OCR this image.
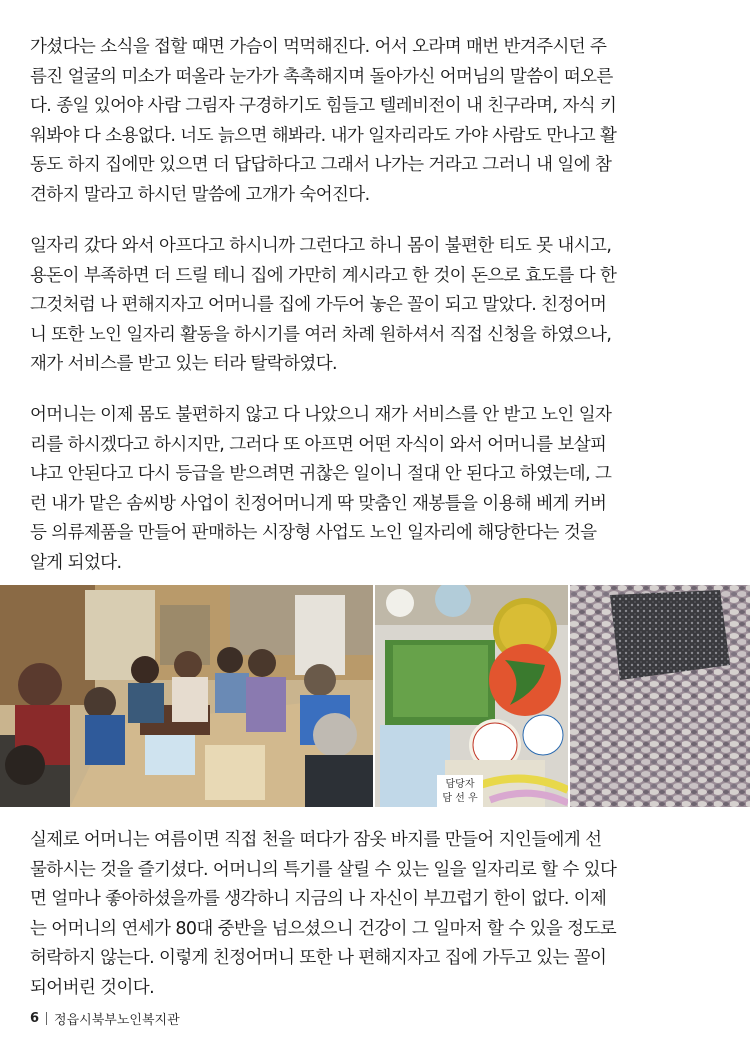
가셨다는 소식을 접할 때면 가슴이 먹먹해진다. 어서 오라며 매번 반겨주시던 주
름진 얼굴의 미소가 떠올라 눈가가 촉촉해지며 돌아가신 어머님의 말씀이 떠오른
다. 종일 있어야 사람 그림자 구경하기도 힘들고 텔레비전이 내 친구라며, 자식 키
워봐야 다 소용없다. 너도 늙으면 해봐라. 내가 일자리라도 가야 사람도 만나고 활
동도 하지 집에만 있으면 더 답답하다고 그래서 나가는 거라고 그러니 내 일에 참
견하지 말라고 하시던 말씀에 고개가 숙어진다.

일자리 갔다 와서 아프다고 하시니까 그런다고 하니 몸이 불편한 티도 못 내시고,
용돈이 부족하면 더 드릴 테니 집에 가만히 계시라고 한 것이 돈으로 효도를 다 한
그것처럼 나 편해지자고 어머니를 집에 가두어 놓은 꼴이 되고 말았다. 친정어머
니 또한 노인 일자리 활동을 하시기를 여러 차례 원하셔서 직접 신청을 하였으나,
재가 서비스를 받고 있는 터라 탈락하였다.

어머니는 이제 몸도 불편하지 않고 다 나았으니 재가 서비스를 안 받고 노인 일자
리를 하시겠다고 하시지만, 그러다 또 아프면 어떤 자식이 와서 어머니를 보살피
냐고 안된다고 다시 등급을 받으려면 귀찮은 일이니 절대 안 된다고 하였는데, 그
런 내가 맡은 솜씨방 사업이 친정어머니게 딱 맞춤인 재봉틀을 이용해 베게 커버
등 의류제품을 만들어 판매하는 시장형 사업도 노인 일자리에 해당한다는 것을
알게 되었다.

담당자
담 선 우

실제로 어머니는 여름이면 직접 천을 떠다가 잠옷 바지를 만들어 지인들에게 선
물하시는 것을 즐기셨다. 어머니의 특기를 살릴 수 있는 일을 일자리로 할 수 있다
면 얼마나 좋아하셨을까를 생각하니 지금의 나 자신이 부끄럽기 한이 없다. 이제
는 어머니의 연세가 80대 중반을 넘으셨으니 건강이 그 일마저 할 수 있을 정도로
허락하지 않는다. 이렇게 친정어머니 또한 나 편해지자고 집에 가두고 있는 꼴이
되어버린 것이다.

6 정읍시북부노인복지관
